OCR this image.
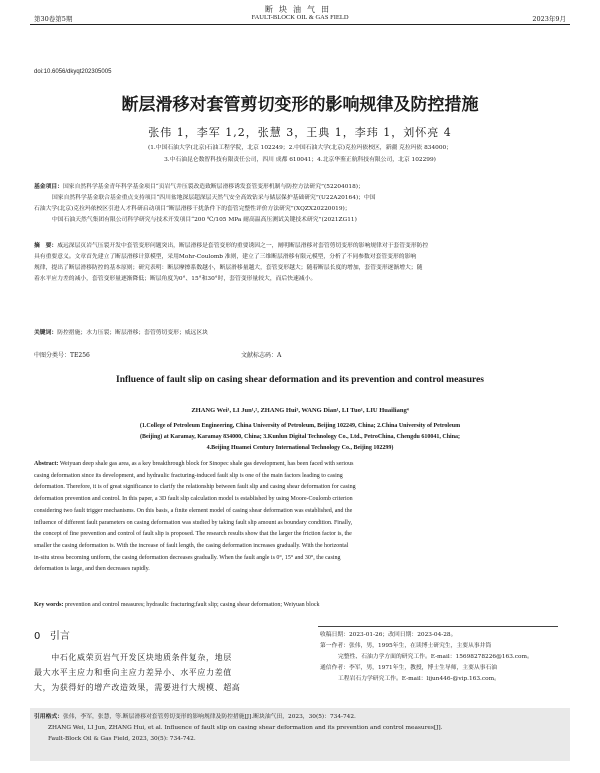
断块油气田
第30卷第5期	FAULT-BLOCK OIL & GAS FIELD	2023年9月
doi:10.6056/dkyqt202305005
断层滑移对套管剪切变形的影响规律及防控措施
张伟 1，李军 1,2，张慧 3，王典 1，李玮 1，刘怀亮 4
(1.中国石油大学(北京)石油工程学院，北京 102249；2.中国石油大学(北京)克拉玛依校区，新疆 克拉玛依 834000；
3.中石油昆仑数智科技有限责任公司，四川 成都 610041；4.北京华鉴正航科技有限公司，北京 102299)
基金项目：国家自然科学基金青年科学基金项目“页岩气井压裂改造致断层滑移诱发套管变形机制与防控方法研究”(52204018)；
国家自然科学基金联合基金重点支持项目“四川盆地深层超深层天然气安全高效钻采与储层保护基础研究”(U22A20164)；中国
石油大学(北京)克拉玛依校区引进人才科研启动项目“断层滑移干扰条件下的套管完整性评价方法研究”(XQZX20220019)；
中国石油天然气集团有限公司科学研究与技术开发项目“200 ℃/105 MPa 耐高温高压测试关键技术研究”(2021ZG11)
摘　要：威远深层页岩气压裂开发中套管变形问题突出，断层滑移是套管变形的重要诱因之一，阐明断层滑移对套管剪切变形的影响规律对于套管变形防控
具有重要意义。文章首先建立了断层滑移计算模型，采用Mohr-Coulomb 准则，建立了三维断层滑移有限元模型，分析了不同参数对套管变形的影响
规律，提出了断层滑移防控的基本原则；研究表明：断层摩擦系数越小，断层滑移量越大，套管变形越大；随着断层长度的增加，套管变形逐渐增大；随
着水平应力差的减小，套管变形量逐渐降低；断层角度为0°、15°和30°时，套管变形量较大，而后快速减小。
关键词：防控措施；水力压裂；断层滑移；套管剪切变形；威远区块
中图分类号：TE256	文献标志码：A
Influence of fault slip on casing shear deformation and its prevention and control measures
ZHANG Wei¹, LI Jun¹,², ZHANG Hui³, WANG Dian¹, LI Tuo¹, LIU Huailiang⁴
(1.College of Petroleum Engineering, China University of Petroleum, Beijing 102249, China; 2.China University of Petroleum
(Beijing) at Karamay, Karamay 834000, China; 3.Kunlun Digital Technology Co., Ltd., PetroChina, Chengdu 610041, China;
4.Beijing Huamei Century International Technology Co., Beijing 102299)
Abstract: Weiyuan deep shale gas area, as a key breakthrough block for Sinopec shale gas development, has been faced with serious
casing deformation since its development, and hydraulic fracturing-induced fault slip is one of the main factors leading to casing
deformation. Therefore, it is of great significance to clarify the relationship between fault slip and casing shear deformation for casing
deformation prevention and control. In this paper, a 3D fault slip calculation model is established by using Moore-Coulomb criterion
considering two fault trigger mechanisms. On this basis, a finite element model of casing shear deformation was established, and the
influence of different fault parameters on casing deformation was studied by taking fault slip amount as boundary condition. Finally,
the concept of fine prevention and control of fault slip is proposed. The research results show that the larger the friction factor is, the
smaller the casing deformation is. With the increase of fault length, the casing deformation increases gradually. With the horizontal
in-situ stress becoming uniform, the casing deformation decreases gradually. When the fault angle is 0°, 15° and 30°, the casing
deformation is large, and then decreases rapidly.
Key words: prevention and control measures; hydraulic fracturing;fault slip; casing shear deformation; Weiyuan block
0 引言
　　中石化威荣页岩气开发区块地质条件复杂，地层
最大水平主应力和垂向主应力差异小、水平应力差值
大，为获得好的增产改造效果，需要进行大规模、超高
收稿日期：2023-01-26；改回日期：2023-04-28。
第一作者：张伟，男，1995年生，在读博士研究生，主要从事井筒
完整性、石油力学方面的研究工作。E-mail：15698278226@163.com。
通信作者：李军，男，1971年生，教授，博士生导师，主要从事石油
工程岩石力学研究工作。E-mail：lijun446-@vip.163.com。
引用格式：张伟，李军，张慧，等.断层滑移对套管剪切变形的影响规律及防控措施[J].断块油气田，2023，30(5)：734-742.
ZHANG Wei, LI Jun, ZHANG Hui, et al. Influence of fault slip on casing shear deformation and its prevention and control measures[J].
Fault-Block Oil & Gas Field, 2023, 30(5): 734-742.
